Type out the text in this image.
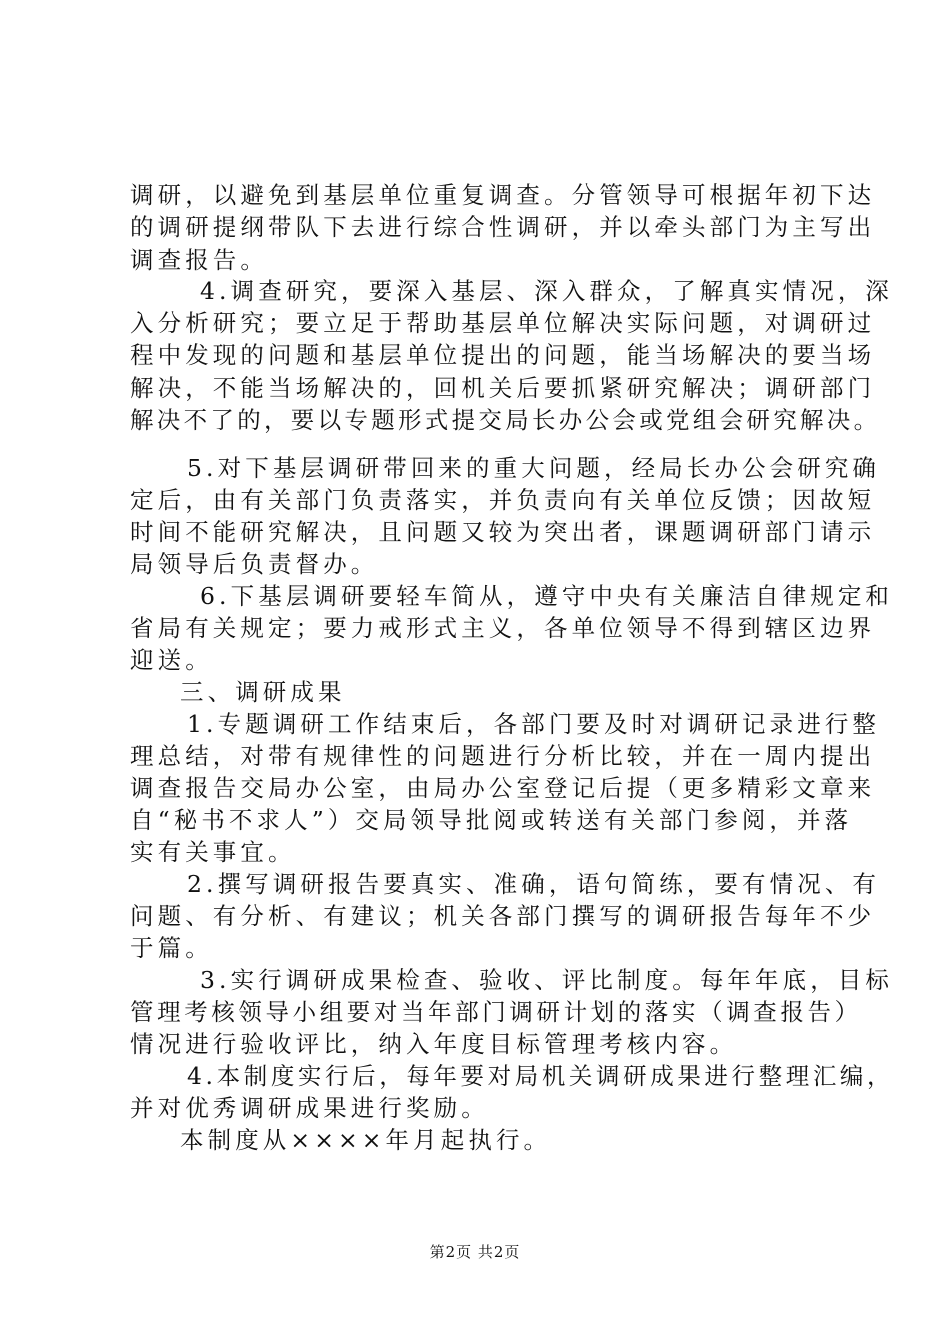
调研，以避免到基层单位重复调查。分管领导可根据年初下达
的调研提纲带队下去进行综合性调研，并以牵头部门为主写出
调查报告。
4.调查研究，要深入基层、深入群众，了解真实情况，深
入分析研究；要立足于帮助基层单位解决实际问题，对调研过
程中发现的问题和基层单位提出的问题，能当场解决的要当场
解决，不能当场解决的，回机关后要抓紧研究解决；调研部门
解决不了的，要以专题形式提交局长办公会或党组会研究解决。
5.对下基层调研带回来的重大问题，经局长办公会研究确
定后，由有关部门负责落实，并负责向有关单位反馈；因故短
时间不能研究解决，且问题又较为突出者，课题调研部门请示
局领导后负责督办。
6.下基层调研要轻车简从，遵守中央有关廉洁自律规定和
省局有关规定；要力戒形式主义，各单位领导不得到辖区边界
迎送。
三、调研成果
1.专题调研工作结束后，各部门要及时对调研记录进行整
理总结，对带有规律性的问题进行分析比较，并在一周内提出
调查报告交局办公室，由局办公室登记后提（更多精彩文章来
自“秘书不求人”）交局领导批阅或转送有关部门参阅，并落
实有关事宜。
2.撰写调研报告要真实、准确，语句简练，要有情况、有
问题、有分析、有建议；机关各部门撰写的调研报告每年不少
于篇。
3.实行调研成果检查、验收、评比制度。每年年底，目标
管理考核领导小组要对当年部门调研计划的落实（调查报告）
情况进行验收评比，纳入年度目标管理考核内容。
4.本制度实行后，每年要对局机关调研成果进行整理汇编，
并对优秀调研成果进行奖励。
本制度从××××年月起执行。
第2页 共2页
